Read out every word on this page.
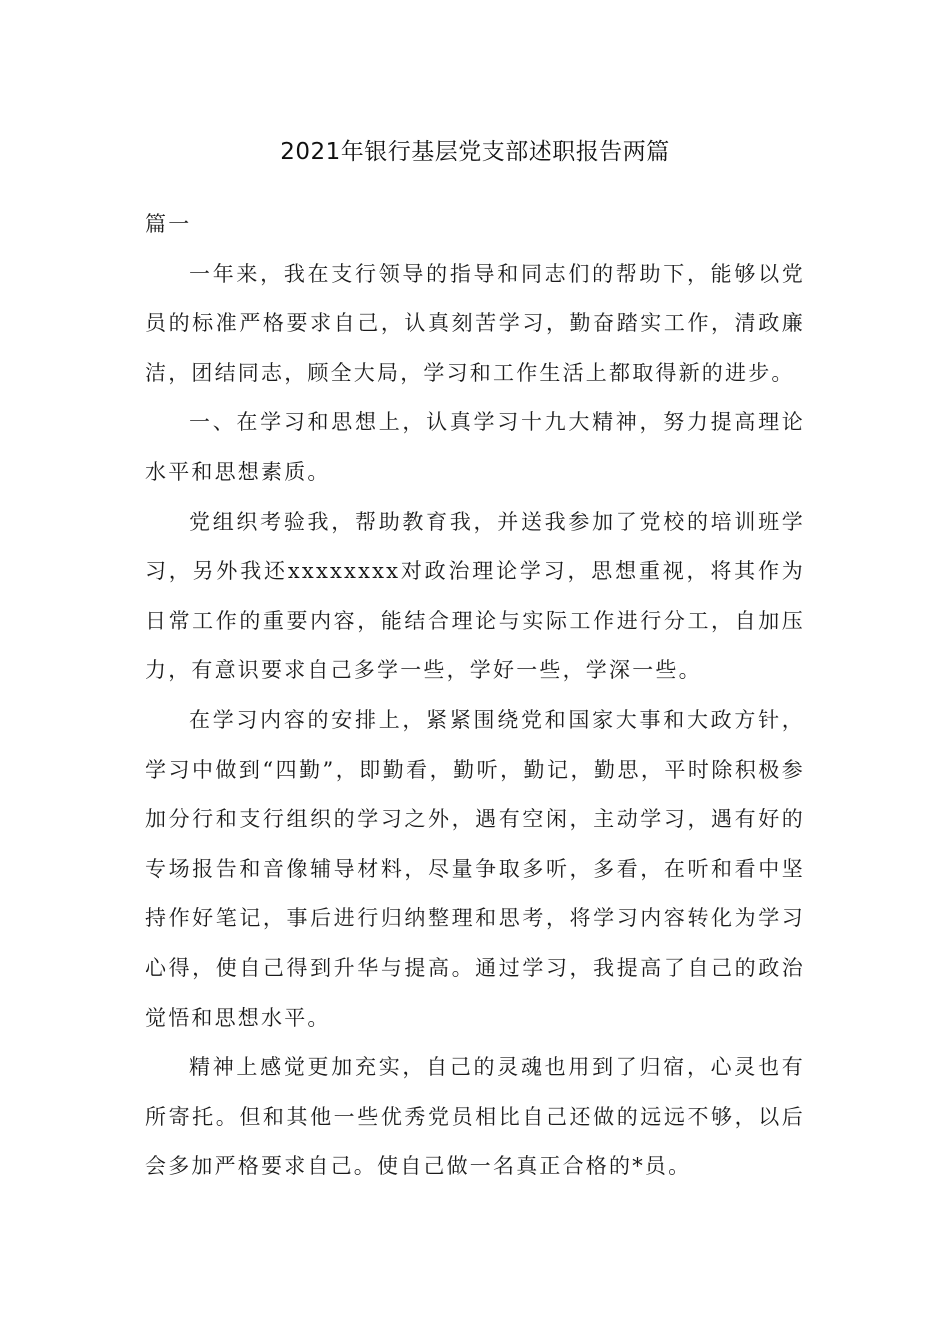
2021年银行基层党支部述职报告两篇

篇一

一年来，我在支行领导的指导和同志们的帮助下，能够以党员的标准严格要求自己，认真刻苦学习，勤奋踏实工作，清政廉洁，团结同志，顾全大局，学习和工作生活上都取得新的进步。

一、在学习和思想上，认真学习十九大精神，努力提高理论水平和思想素质。

党组织考验我，帮助教育我，并送我参加了党校的培训班学习，另外我还xxxxxxxx对政治理论学习，思想重视，将其作为日常工作的重要内容，能结合理论与实际工作进行分工，自加压力，有意识要求自己多学一些，学好一些，学深一些。

在学习内容的安排上，紧紧围绕党和国家大事和大政方针，学习中做到“四勤”，即勤看，勤听，勤记，勤思，平时除积极参加分行和支行组织的学习之外，遇有空闲，主动学习，遇有好的专场报告和音像辅导材料，尽量争取多听，多看，在听和看中坚持作好笔记，事后进行归纳整理和思考，将学习内容转化为学习心得，使自己得到升华与提高。通过学习，我提高了自己的政治觉悟和思想水平。

精神上感觉更加充实，自己的灵魂也用到了归宿，心灵也有所寄托。但和其他一些优秀党员相比自己还做的远远不够，以后会多加严格要求自己。使自己做一名真正合格的*员。
